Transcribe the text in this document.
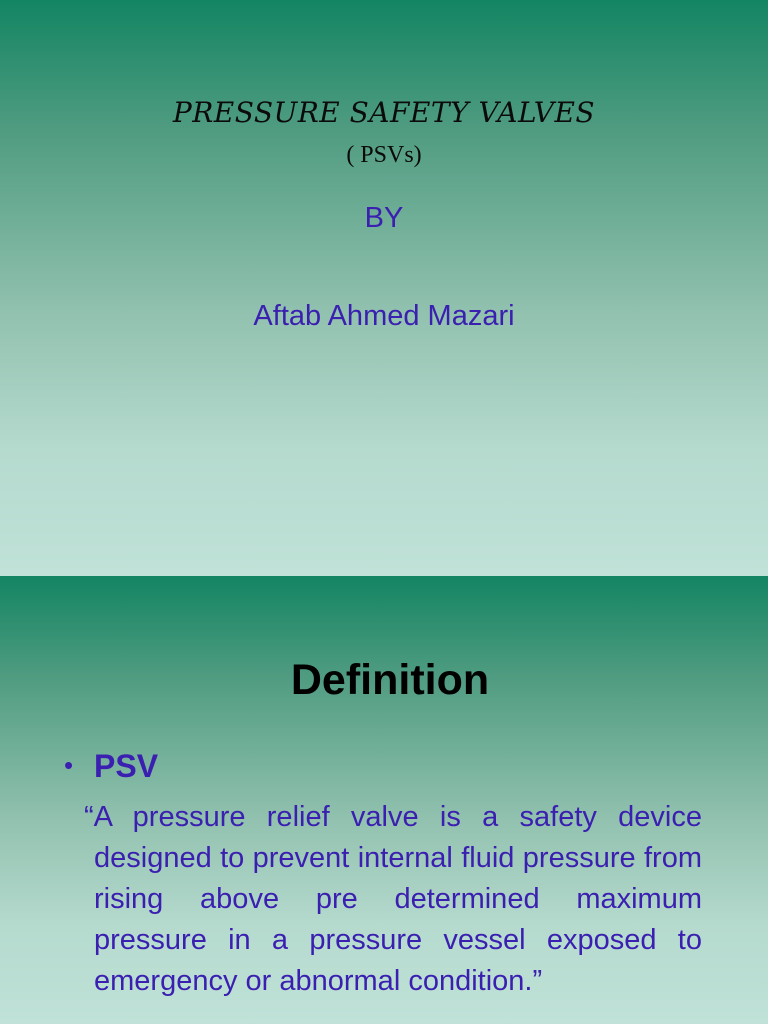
PRESSURE SAFETY VALVES
( PSVs)
BY
Aftab Ahmed Mazari
Definition
• PSV
“A pressure relief valve is a safety device designed to prevent internal fluid pressure from rising above pre determined maximum pressure in a pressure vessel exposed to emergency or abnormal condition.”
